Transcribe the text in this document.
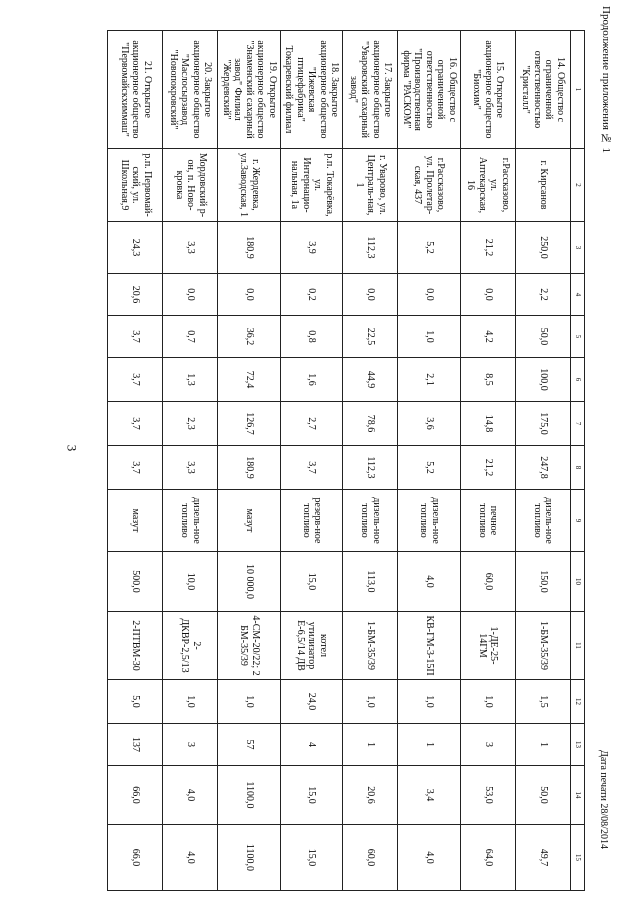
3
Продолжение приложения № 1
Дата печати 28/08/2014
1	2	3	4	5	6	7	8	9	10	11	12	13	14	15
14. Общество с ограниченной ответственностью "Кристалл"	г. Кирсанов	250,0	2,2	50,0	100,0	175,0	247,8	дизель-ное топливо	150,0	1-БМ-35/39	1,5	1	50,0	49,7
15. Открытое акционерное общество "Биохим"	г.Рассказово, ул. Аптекарская, 16	21,2	0,0	4,2	8,5	14,8	21,2	печное топливо	60,0	1-ДЕ-25-14ГМ	1,0	3	53,0	64,0
16. Общество с ограниченной ответственностью "Производственная фирма "РАСКОМ"	г.Рассказово, ул. Пролетар-ская, 437	5,2	0,0	1,0	2,1	3,6	5,2	дизель-ное топливо	4,0	КВ-ГМ-3-15П	1,0	1	3,4	4,0
17. Закрытое акционерное общество "Уваровский сахарный завод"	г. Уварово, ул. Централь-ная, 1	112,3	0,0	22,5	44,9	78,6	112,3	дизель-ное топливо	113,0	1-БМ-35/39	1,0	1	20,6	60,0
18. Закрытое акционерное общество "Ижевская птицефабрика" Токаревский филиал	р.п. Токарёвка, ул. Интернацио-нальная, 1а	3,9	0,2	0,8	1,6	2,7	3,7	резерв-ное топливо	15,0	котел утилизатор Е-6,5/14 ДВ	24,0	4	15,0	15,0
19. Открытое акционерное общество "Знаменский сахарный завод" Филиал "Жердевский"	г. Жердевка, ул.Заводская, 1	180,9	0,0	36,2	72,4	126,7	180,9	мазут	10 000,0	4-СМ-20/22; 2 БМ-35/39	1,0	57	1100,0	1100,0
20. Закрытое акционерное общество "Маслосырзавод "Новопокровский"	Мордовский р-он, п. Ново-кровка	3,3	0,0	0,7	1,3	2,3	3,3	дизель-ное топливо	10,0	2-ДКВР-2,5/13	1,0	3	4,0	4,0
21. Открытое акционерное общество "Первомайскхиммаш"	р.п. Первомай-ский, ул. Школьная,9	24,3	20,6	3,7	3,7	3,7	3,7	мазут	500,0	2-ПТВМ-30	5,0	137	66,0	66,0
